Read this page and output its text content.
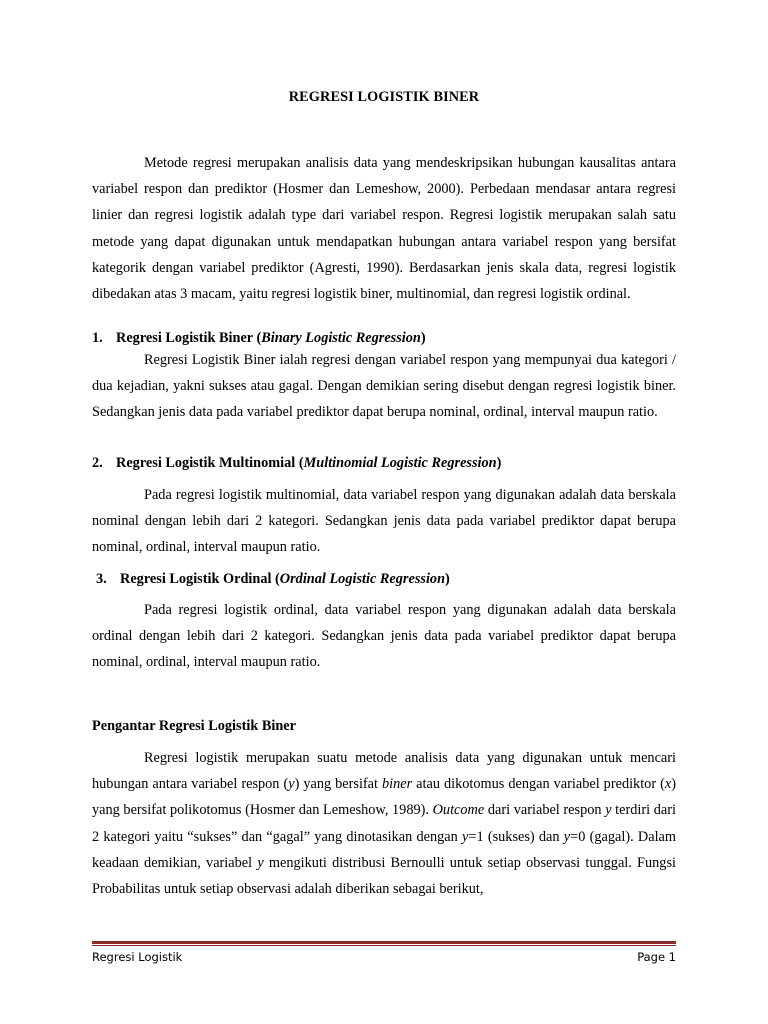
REGRESI LOGISTIK BINER

Metode regresi merupakan analisis data yang mendeskripsikan hubungan kausalitas antara variabel respon dan prediktor (Hosmer dan Lemeshow, 2000). Perbedaan mendasar antara regresi linier dan regresi logistik adalah type dari variabel respon. Regresi logistik merupakan salah satu metode yang dapat digunakan untuk mendapatkan hubungan antara variabel respon yang bersifat kategorik dengan variabel prediktor (Agresti, 1990). Berdasarkan jenis skala data, regresi logistik dibedakan atas 3 macam, yaitu regresi logistik biner, multinomial, dan regresi logistik ordinal.

1. Regresi Logistik Biner (Binary Logistic Regression)

Regresi Logistik Biner ialah regresi dengan variabel respon yang mempunyai dua kategori / dua kejadian, yakni sukses atau gagal. Dengan demikian sering disebut dengan regresi logistik biner. Sedangkan jenis data pada variabel prediktor dapat berupa nominal, ordinal, interval maupun ratio.

2. Regresi Logistik Multinomial (Multinomial Logistic Regression)

Pada regresi logistik multinomial, data variabel respon yang digunakan adalah data berskala nominal dengan lebih dari 2 kategori. Sedangkan jenis data pada variabel prediktor dapat berupa nominal, ordinal, interval maupun ratio.

3. Regresi Logistik Ordinal (Ordinal Logistic Regression)

Pada regresi logistik ordinal, data variabel respon yang digunakan adalah data berskala ordinal dengan lebih dari 2 kategori. Sedangkan jenis data pada variabel prediktor dapat berupa nominal, ordinal, interval maupun ratio.

Pengantar Regresi Logistik Biner

Regresi logistik merupakan suatu metode analisis data yang digunakan untuk mencari hubungan antara variabel respon (y) yang bersifat biner atau dikotomus dengan variabel prediktor (x) yang bersifat polikotomus (Hosmer dan Lemeshow, 1989). Outcome dari variabel respon y terdiri dari 2 kategori yaitu “sukses” dan “gagal” yang dinotasikan dengan y=1 (sukses) dan y=0 (gagal). Dalam keadaan demikian, variabel y mengikuti distribusi Bernoulli untuk setiap observasi tunggal. Fungsi Probabilitas untuk setiap observasi adalah diberikan sebagai berikut,

Regresi Logistik	Page 1
